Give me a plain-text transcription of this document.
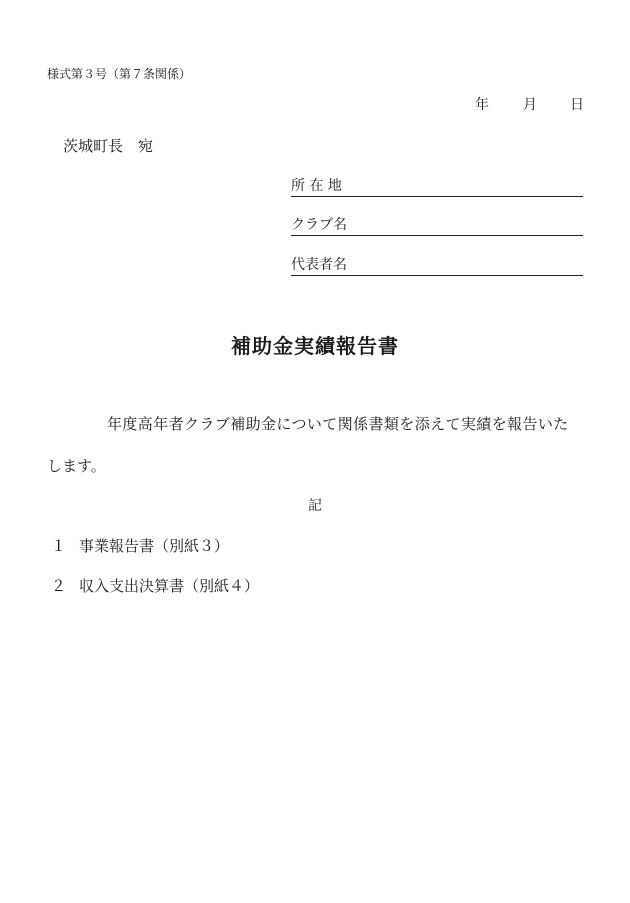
様式第３号（第７条関係）
年 月 日
茨城町長　宛
所 在 地
クラブ名
代表者名
補助金実績報告書
年度高年者クラブ補助金について関係書類を添えて実績を報告いた
します。
記
１ 事業報告書（別紙３）
２ 収入支出決算書（別紙４）
